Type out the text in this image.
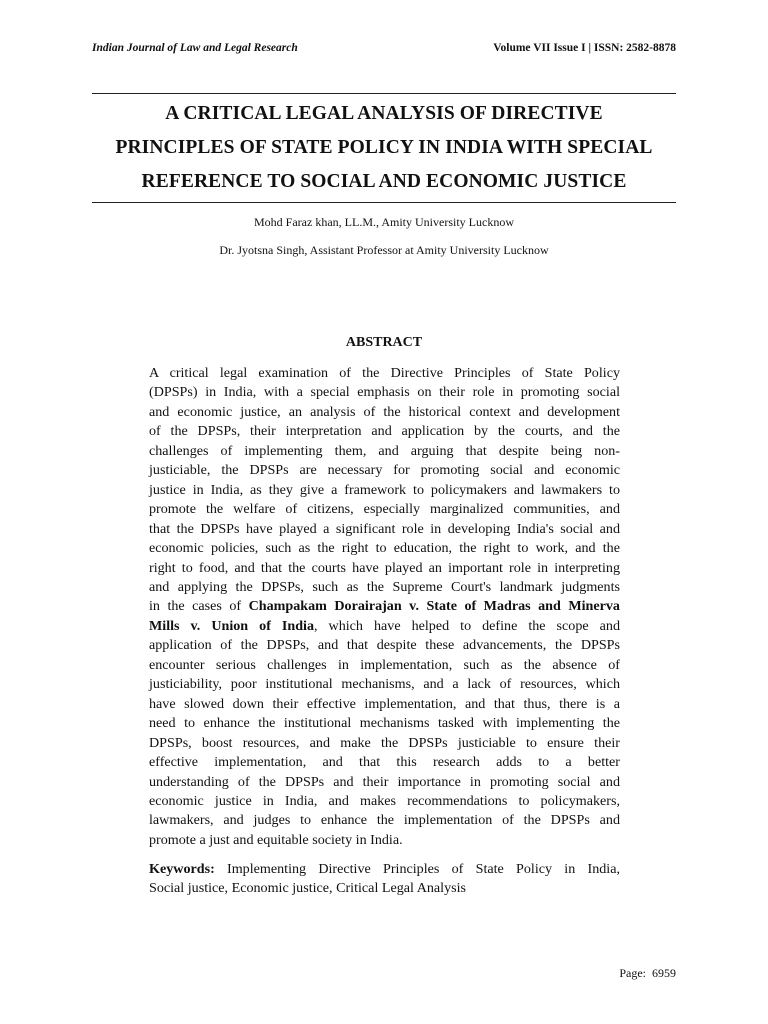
Indian Journal of Law and Legal Research	Volume VII Issue I | ISSN: 2582-8878
A CRITICAL LEGAL ANALYSIS OF DIRECTIVE
PRINCIPLES OF STATE POLICY IN INDIA WITH SPECIAL
REFERENCE TO SOCIAL AND ECONOMIC JUSTICE
Mohd Faraz khan, LL.M., Amity University Lucknow
Dr. Jyotsna Singh, Assistant Professor at Amity University Lucknow
ABSTRACT
A critical legal examination of the Directive Principles of State Policy
(DPSPs) in India, with a special emphasis on their role in promoting social
and economic justice, an analysis of the historical context and development
of the DPSPs, their interpretation and application by the courts, and the
challenges of implementing them, and arguing that despite being non-
justiciable, the DPSPs are necessary for promoting social and economic
justice in India, as they give a framework to policymakers and lawmakers to
promote the welfare of citizens, especially marginalized communities, and
that the DPSPs have played a significant role in developing India's social and
economic policies, such as the right to education, the right to work, and the
right to food, and that the courts have played an important role in interpreting
and applying the DPSPs, such as the Supreme Court's landmark judgments
in the cases of Champakam Dorairajan v. State of Madras and Minerva
Mills v. Union of India, which have helped to define the scope and
application of the DPSPs, and that despite these advancements, the DPSPs
encounter serious challenges in implementation, such as the absence of
justiciability, poor institutional mechanisms, and a lack of resources, which
have slowed down their effective implementation, and that thus, there is a
need to enhance the institutional mechanisms tasked with implementing the
DPSPs, boost resources, and make the DPSPs justiciable to ensure their
effective implementation, and that this research adds to a better
understanding of the DPSPs and their importance in promoting social and
economic justice in India, and makes recommendations to policymakers,
lawmakers, and judges to enhance the implementation of the DPSPs and
promote a just and equitable society in India.
Keywords: Implementing Directive Principles of State Policy in India,
Social justice, Economic justice, Critical Legal Analysis
Page: 6959
